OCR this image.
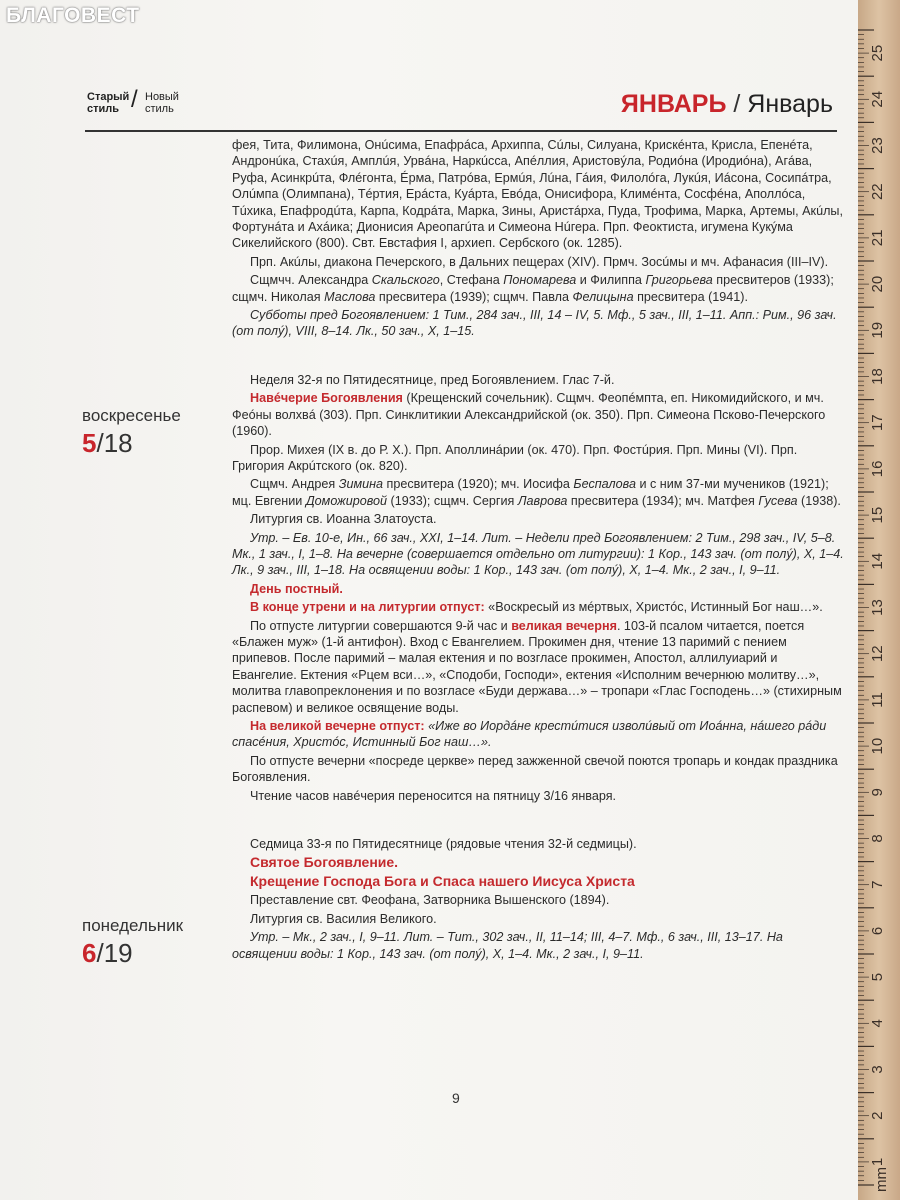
БЛАГОВЕСТ
Старый
стиль / Новый
стиль	ЯНВАРЬ / Январь
воскресенье
5/18
понедельник
6/19

фея, Тита, Филимона, Онúсима, Епафрáса, Архиппа, Сúлы, Силуана, Крискéнта, Крисла, Епенéта, Андронúка, Стахúя, Амплúя, Урвáна, Наркúсса, Апéллия, Аристовýла, Родиóна (Иродиóна), Агáва, Руфа, Асинкрúта, Флéгонта, Éрма, Патрóва, Ермúя, Лúна, Гáия, Филолóга, Лукúя, Иáсона, Сосипáтра, Олúмпа (Олимпана), Тéртия, Ерáста, Куáрта, Евóда, Онисифора, Климéнта, Сосфéна, Аполлóса, Тúхика, Епафродúта, Карпа, Кодрáта, Марка, Зины, Аристáрха, Пуда, Трофима, Марка, Артемы, Акúлы, Фортунáта и Ахáика; Дионисия Ареопагúта и Симеона Нúгера. Прп. Феоктиста, игумена Кукýма Сикелийского (800). Свт. Евстафия I, архиеп. Сербского (ок. 1285).

Прп. Акúлы, диакона Печерского, в Дальних пещерах (XIV). Прмч. Зосúмы и мч. Афанасия (III–IV).

Сщмчч. Александра Скальского, Стефана Пономарева и Филиппа Григорьева пресвитеров (1933); сщмч. Николая Маслова пресвитера (1939); сщмч. Павла Фелицына пресвитера (1941).

Субботы пред Богоявлением: 1 Тим., 284 зач., III, 14 – IV, 5. Мф., 5 зач., III, 1–11. Апп.: Рим., 96 зач. (от полý), VIII, 8–14. Лк., 50 зач., X, 1–15.

Неделя 32-я по Пятидесятнице, пред Богоявлением. Глас 7-й.

Навéчерие Богоявления (Крещенский сочельник). Сщмч. Феопéмпта, еп. Никомидийского, и мч. Феóны волхвá (303). Прп. Синклитикии Александрийской (ок. 350). Прп. Симеона Псково-Печерского (1960).

Прор. Михея (IX в. до Р. Х.). Прп. Аполлинáрии (ок. 470). Прп. Фостúрия. Прп. Мины (VI). Прп. Григория Акрúтского (ок. 820).

Сщмч. Андрея Зимина пресвитера (1920); мч. Иосифа Беспалова и с ним 37-ми мучеников (1921); мц. Евгении Доможировой (1933); сщмч. Сергия Лаврова пресвитера (1934); мч. Матфея Гусева (1938).

Литургия св. Иоанна Златоуста.

Утр. – Ев. 10-е, Ин., 66 зач., XXI, 1–14. Лит. – Недели пред Богоявлением: 2 Тим., 298 зач., IV, 5–8. Мк., 1 зач., I, 1–8. На вечерне (совершается отдельно от литургии): 1 Кор., 143 зач. (от полý), X, 1–4. Лк., 9 зач., III, 1–18. На освящении воды: 1 Кор., 143 зач. (от полý), X, 1–4. Мк., 2 зач., I, 9–11.

День постный.

В конце утрени и на литургии отпуст: «Воскресый из мéртвых, Христóс, Истинный Бог наш…».

По отпусте литургии совершаются 9-й час и великая вечерня. 103-й псалом читается, поется «Блажен муж» (1-й антифон). Вход с Евангелием. Прокимен дня, чтение 13 паримий с пением припевов. После паримий – малая ектения и по возгласе прокимен, Апостол, аллилуиарий и Евангелие. Ектения «Рцем вси…», «Сподоби, Господи», ектения «Исполним вечернюю молитву…», молитва главопреклонения и по возгласе «Буди держава…» – тропари «Глас Господень…» (стихирным распевом) и великое освящение воды.

На великой вечерне отпуст: «Иже во Иордáне крестúтися изволúвый от Иоáнна, нáшего рáди спасéния, Христóс, Истинный Бог наш…».

По отпусте вечерни «посреде церкве» перед зажженной свечой поются тропарь и кондак праздника Богоявления.

Чтение часов навéчерия переносится на пятницу 3/16 января.

Седмица 33-я по Пятидесятнице (рядовые чтения 32-й седмицы).

Святое Богоявление.

Крещение Господа Бога и Спаса нашего Иисуса Христа

Преставление свт. Феофана, Затворника Вышенского (1894).

Литургия св. Василия Великого.

Утр. – Мк., 2 зач., I, 9–11. Лит. – Тит., 302 зач., II, 11–14; III, 4–7. Мф., 6 зач., III, 13–17. На освящении воды: 1 Кор., 143 зач. (от полý), X, 1–4. Мк., 2 зач., I, 9–11.

9
25
24
23
22
21
20
19
18
17
16
15
14
13
12
11
10
9
8
7
6
5
4
3
2
1
mm
